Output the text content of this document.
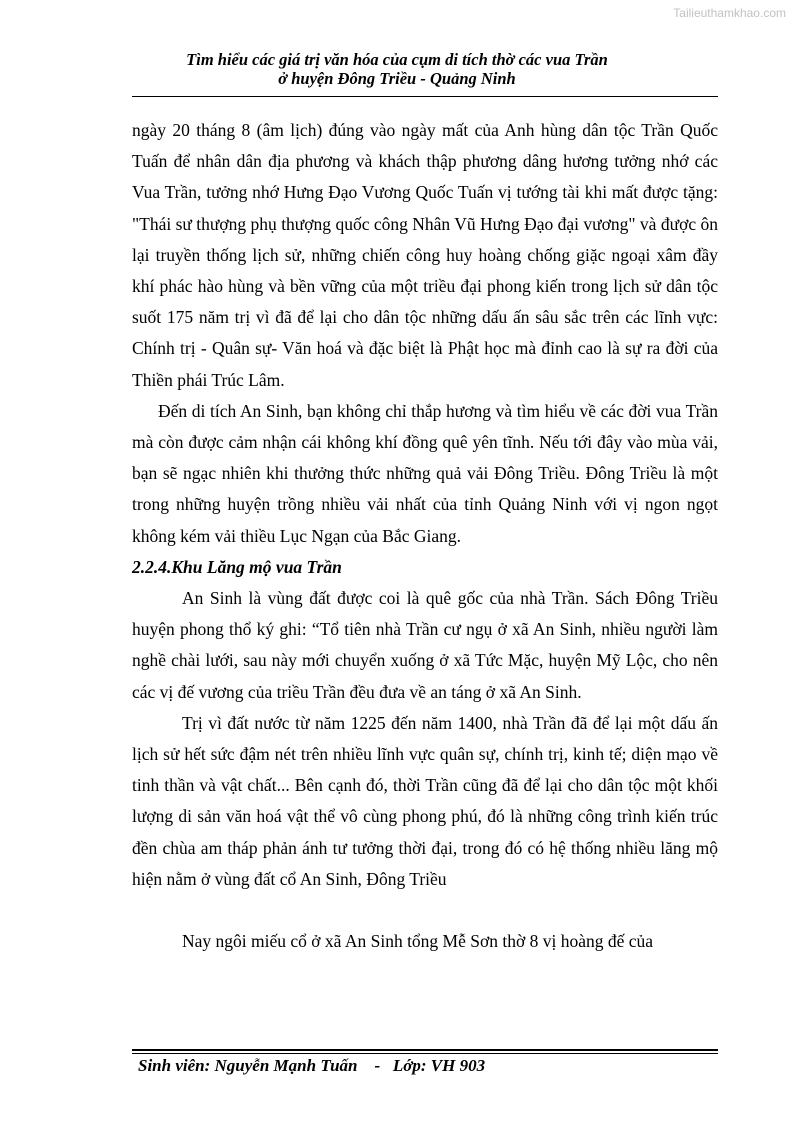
Tailieuthamkhao.com
Tìm hiểu các giá trị văn hóa của cụm di tích thờ các vua Trần
ở huyện Đông Triều - Quảng Ninh

ngày 20 tháng 8 (âm lịch) đúng vào ngày mất của Anh hùng dân tộc Trần Quốc Tuấn để nhân dân địa phương và khách thập phương dâng hương tưởng nhớ các Vua Trần, tưởng nhớ Hưng Đạo Vương Quốc Tuấn vị tướng tài khi mất được tặng: "Thái sư thượng phụ thượng quốc công Nhân Vũ Hưng Đạo đại vương" và được ôn lại truyền thống lịch sử, những chiến công huy hoàng chống giặc ngoại xâm đầy khí phác hào hùng và bền vững của một triều đại phong kiến trong lịch sử dân tộc suốt 175 năm trị vì đã để lại cho dân tộc những dấu ấn sâu sắc trên các lĩnh vực: Chính trị - Quân sự- Văn hoá và đặc biệt là Phật học mà đỉnh cao là sự ra đời của Thiền phái Trúc Lâm.

Đến di tích An Sinh, bạn không chỉ thắp hương và tìm hiểu về các đời vua Trần mà còn được cảm nhận cái không khí đồng quê yên tĩnh. Nếu tới đây vào mùa vải, bạn sẽ ngạc nhiên khi thưởng thức những quả vải Đông Triều. Đông Triều là một trong những huyện trồng nhiều vải nhất của tỉnh Quảng Ninh với vị ngon ngọt không kém vải thiều Lục Ngạn của Bắc Giang.

2.2.4.Khu Lăng mộ vua Trần

An Sinh là vùng đất được coi là quê gốc của nhà Trần. Sách Đông Triều huyện phong thổ ký ghi: “Tổ tiên nhà Trần cư ngụ ở xã An Sinh, nhiều người làm nghề chài lưới, sau này mới chuyển xuống ở xã Tức Mặc, huyện Mỹ Lộc, cho nên các vị đế vương của triều Trần đều đưa về an táng ở xã An Sinh.

Trị vì đất nước từ năm 1225 đến năm 1400, nhà Trần đã để lại một dấu ấn lịch sử hết sức đậm nét trên nhiều lĩnh vực quân sự, chính trị, kinh tế; diện mạo về tinh thần và vật chất... Bên cạnh đó, thời Trần cũng đã để lại cho dân tộc một khối lượng di sản văn hoá vật thể vô cùng phong phú, đó là những công trình kiến trúc đền chùa am tháp phản ánh tư tưởng thời đại, trong đó có hệ thống nhiều lăng mộ hiện nằm ở vùng đất cổ An Sinh, Đông Triều

Nay ngôi miếu cổ ở xã An Sinh tổng Mễ Sơn thờ 8 vị hoàng đế của

Sinh viên: Nguyễn Mạnh Tuấn    -   Lớp: VH 903
